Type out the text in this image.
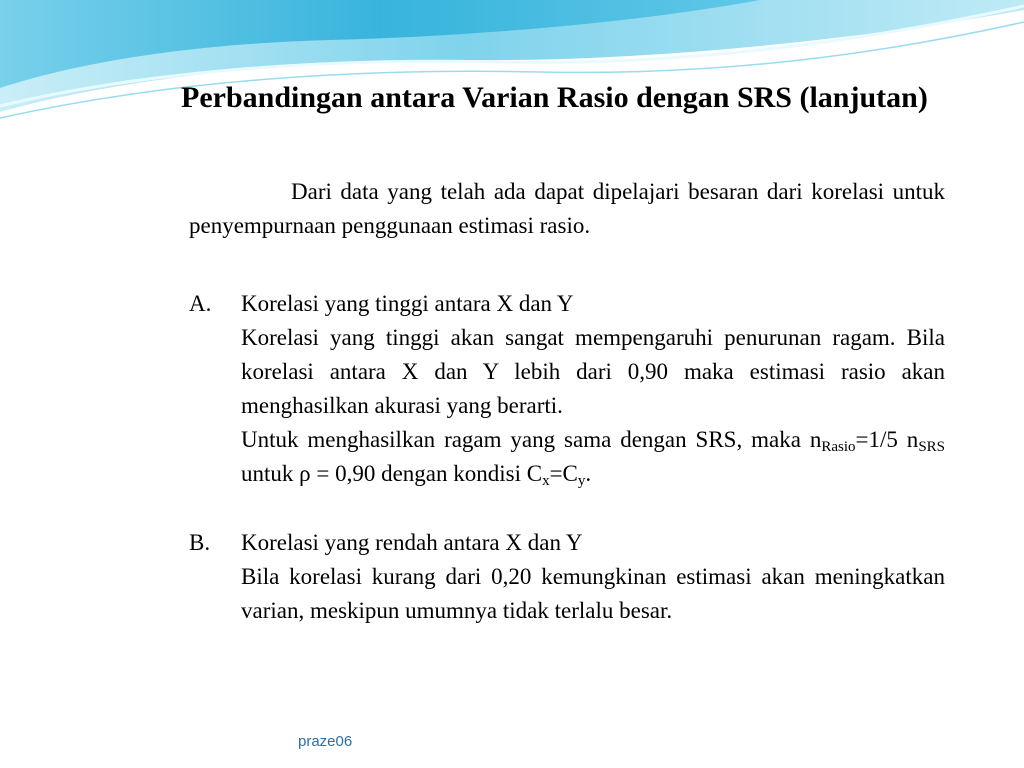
Perbandingan antara Varian Rasio dengan SRS (lanjutan)

Dari data yang telah ada dapat dipelajari besaran dari korelasi untuk penyempurnaan penggunaan estimasi rasio.

A. Korelasi yang tinggi antara X dan Y

Korelasi yang tinggi akan sangat mempengaruhi penurunan ragam. Bila korelasi antara X dan Y lebih dari 0,90 maka estimasi rasio akan menghasilkan akurasi yang berarti.

Untuk menghasilkan ragam yang sama dengan SRS, maka $n_{Rasio}=1/5$ $n_{SRS}$ untuk ρ = 0,90 dengan kondisi $C_x=C_y$.

B. Korelasi yang rendah antara X dan Y

Bila korelasi kurang dari 0,20 kemungkinan estimasi akan meningkatkan varian, meskipun umumnya tidak terlalu besar.

praze06
